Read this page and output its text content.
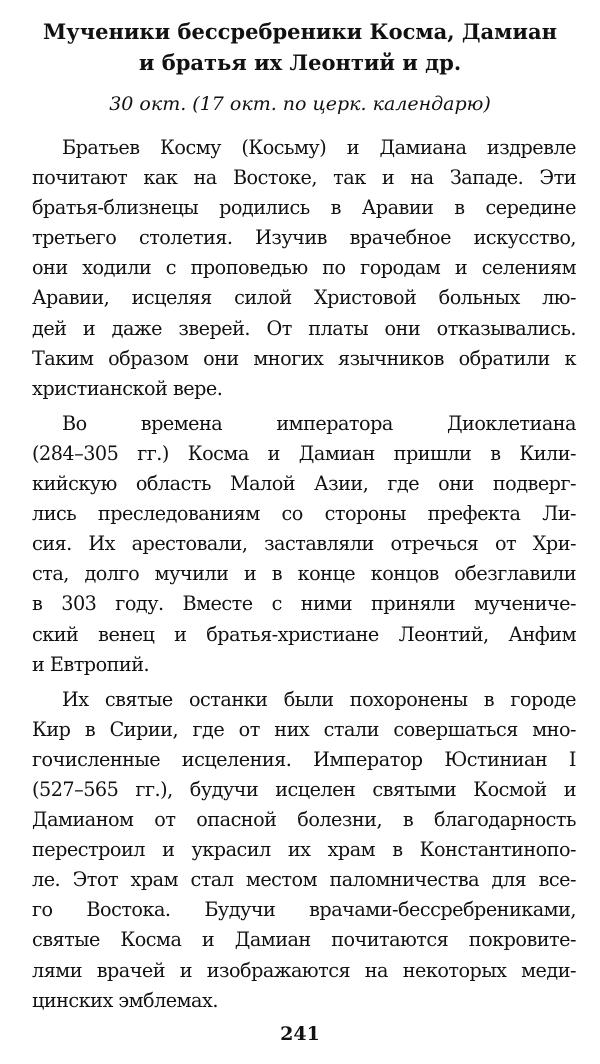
Мученики бессребреники Косма, Дамиан
и братья их Леонтий и др.
30 окт. (17 окт. по церк. календарю)
Братьев Косму (Косьму) и Дамиана издревле
почитают как на Востоке, так и на Западе. Эти
братья-близнецы родились в Аравии в середине
третьего столетия. Изучив врачебное искусство,
они ходили с проповедью по городам и селениям
Аравии, исцеляя силой Христовой больных лю-
дей и даже зверей. От платы они отказывались.
Таким образом они многих язычников обратили к
христианской вере.
Во времена императора Диоклетиана
(284–305 гг.) Косма и Дамиан пришли в Кили-
кийскую область Малой Азии, где они подверг-
лись преследованиям со стороны префекта Ли-
сия. Их арестовали, заставляли отречься от Хри-
ста, долго мучили и в конце концов обезглавили
в 303 году. Вместе с ними приняли мучениче-
ский венец и братья-христиане Леонтий, Анфим
и Евтропий.
Их святые останки были похоронены в городе
Кир в Сирии, где от них стали совершаться мно-
гочисленные исцеления. Император Юстиниан I
(527–565 гг.), будучи исцелен святыми Космой и
Дамианом от опасной болезни, в благодарность
перестроил и украсил их храм в Константинопо-
ле. Этот храм стал местом паломничества для все-
го Востока. Будучи врачами-бессребрениками,
святые Косма и Дамиан почитаются покровите-
лями врачей и изображаются на некоторых меди-
цинских эмблемах.
241
